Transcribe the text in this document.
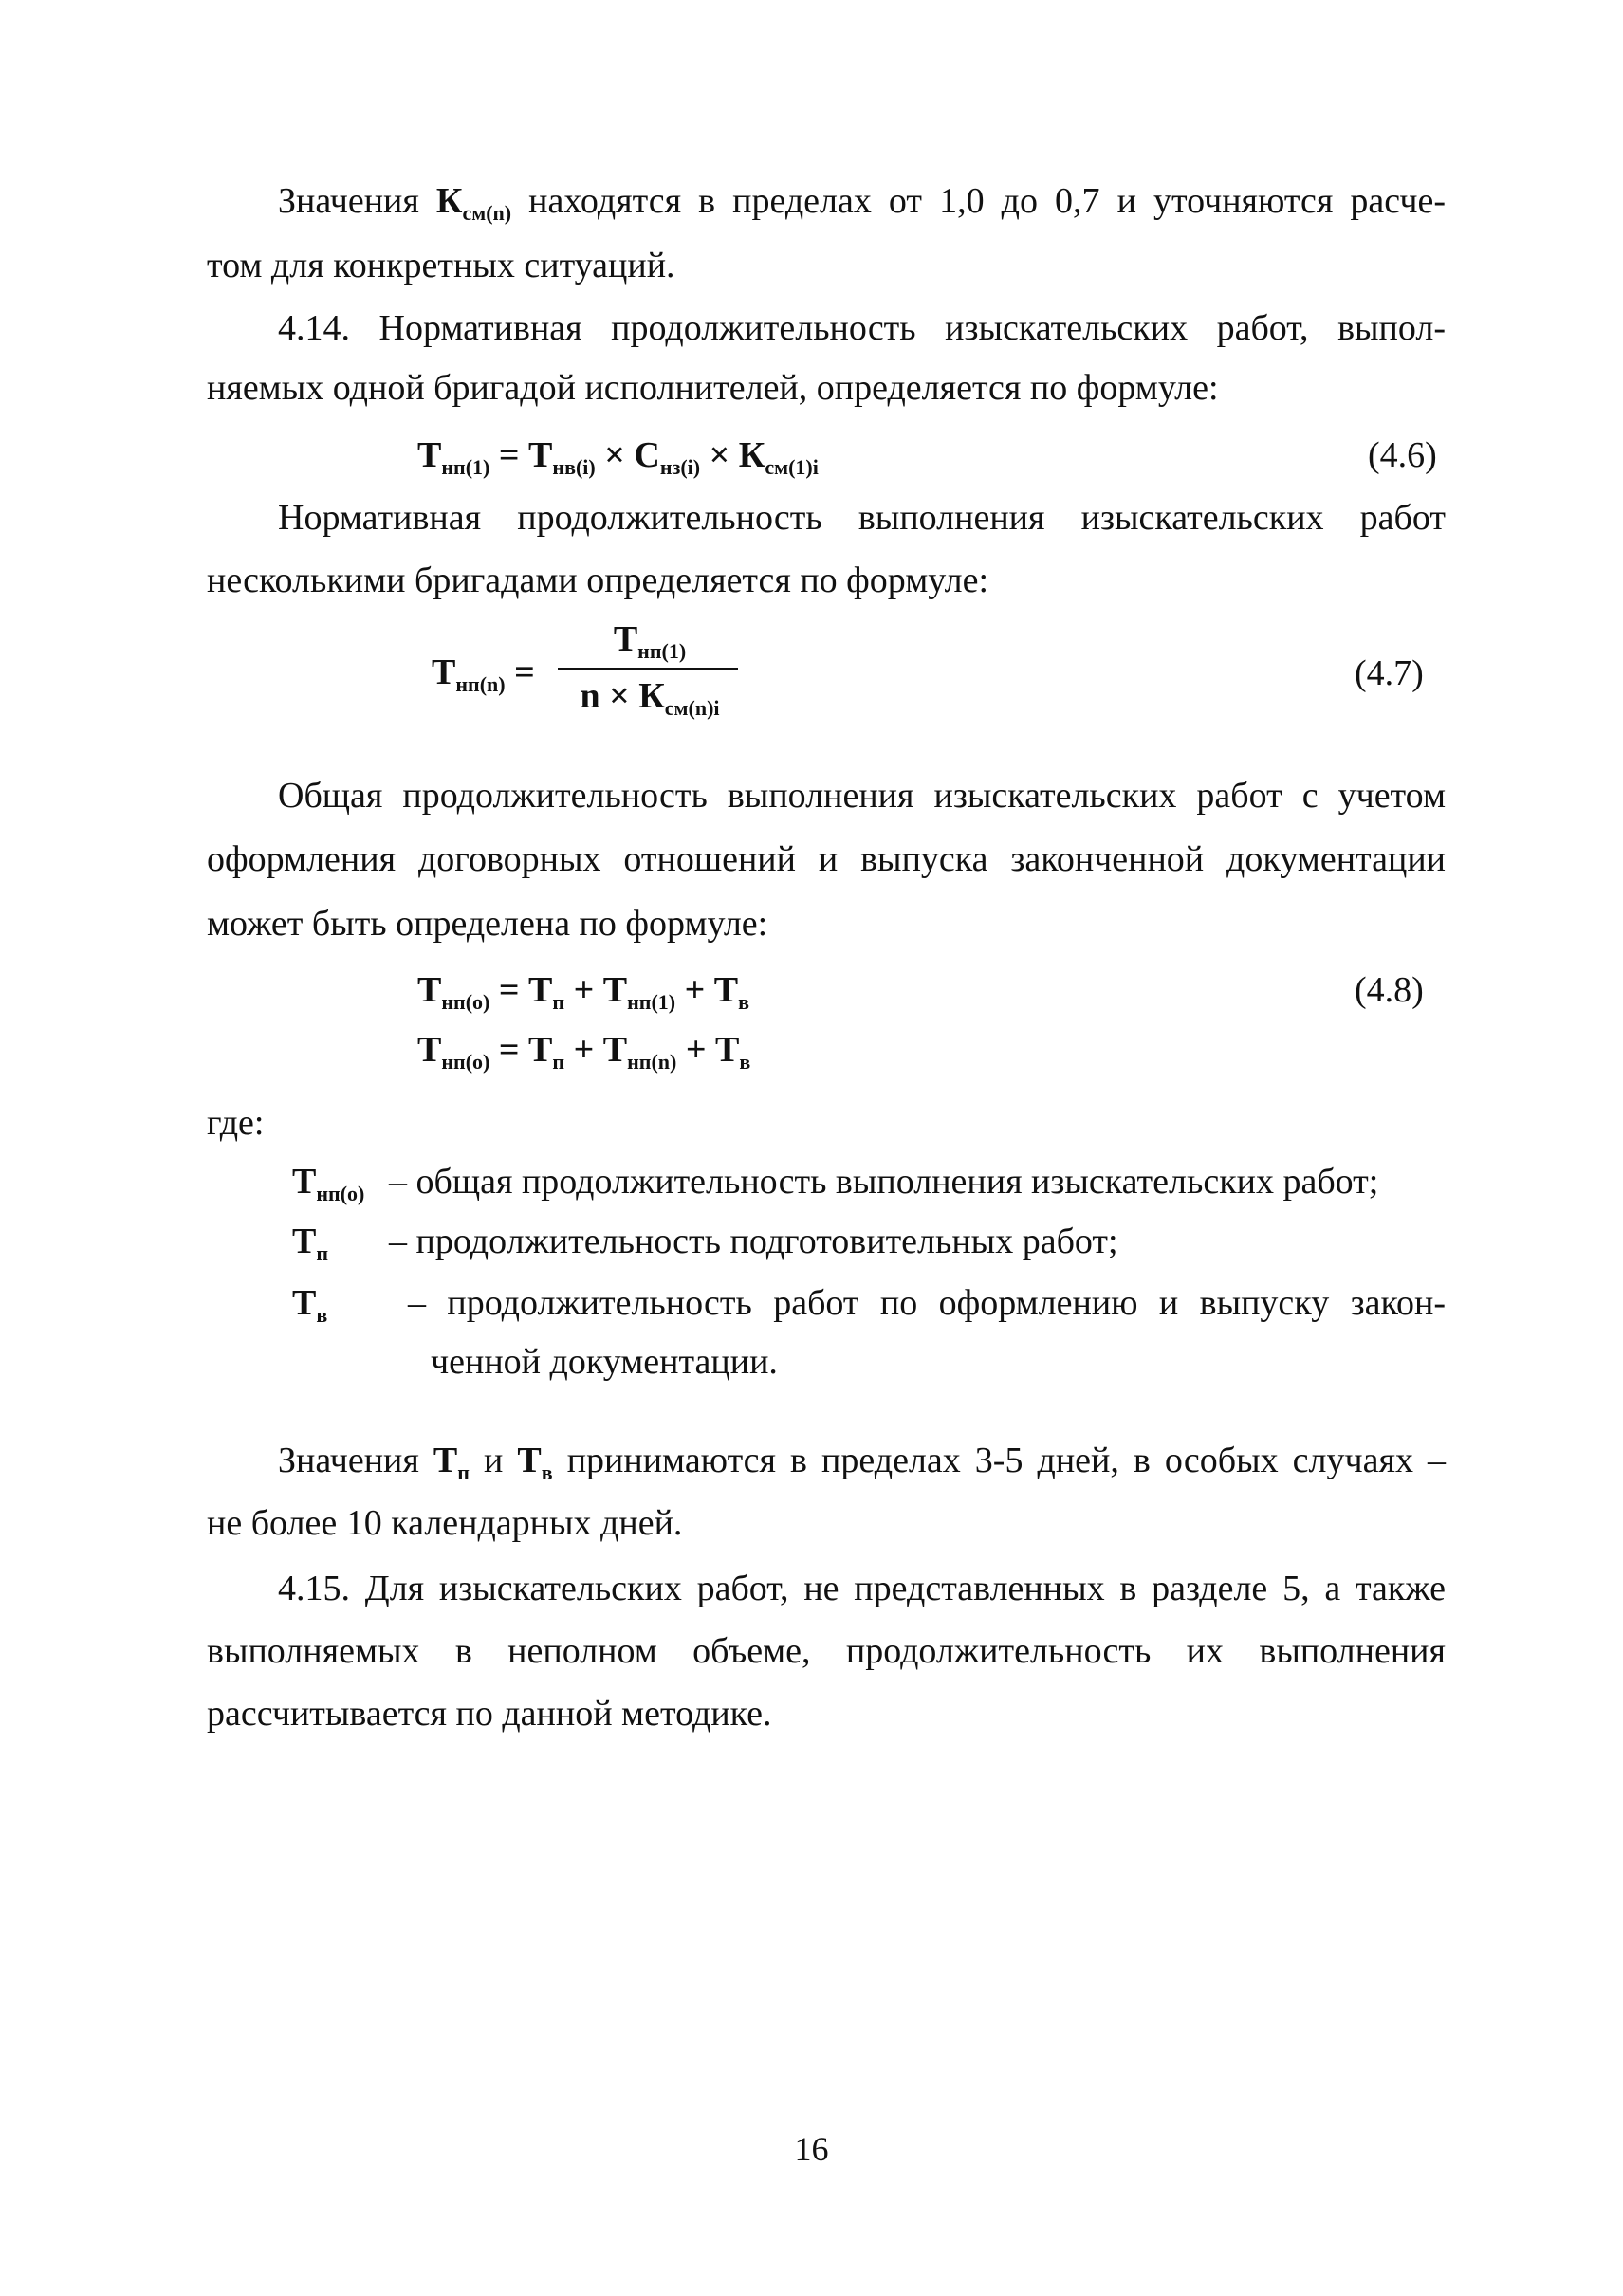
Значения $К_{см(n)}$ находятся в пределах от 1,0 до 0,7 и уточняются расче-
том для конкретных ситуаций.
4.14. Нормативная продолжительность изыскательских работ, выпол-
няемых одной бригадой исполнителей, определяется по формуле:
$Т_{нп(1)} = Т_{нв(i)} \times С_{нз(i)} \times К_{см(1)i}$	(4.6)
Нормативная продолжительность выполнения изыскательских работ
несколькими бригадами определяется по формуле:
$Т_{нп(n)}$ =
$Т_{нп(1)}$
$n \times К_{см(n)i}$
(4.7)
Общая продолжительность выполнения изыскательских работ с учетом
оформления договорных отношений и выпуска законченной документации
может быть определена по формуле:
$Т_{нп(о)} = Т_п + Т_{нп(1)} + Т_в$	(4.8)
$Т_{нп(о)} = Т_п + Т_{нп(n)} + Т_в$
где:
$Т_{нп(о)}$ – общая продолжительность выполнения изыскательских работ;
$Т_п$ – продолжительность подготовительных работ;
$Т_в$ – продолжительность работ по оформлению и выпуску закон-
ченной документации.
Значения $Т_п$ и $Т_в$ принимаются в пределах 3-5 дней, в особых случаях –
не более 10 календарных дней.
4.15. Для изыскательских работ, не представленных в разделе 5, а также
выполняемых в неполном объеме, продолжительность их выполнения
рассчитывается по данной методике.
16
